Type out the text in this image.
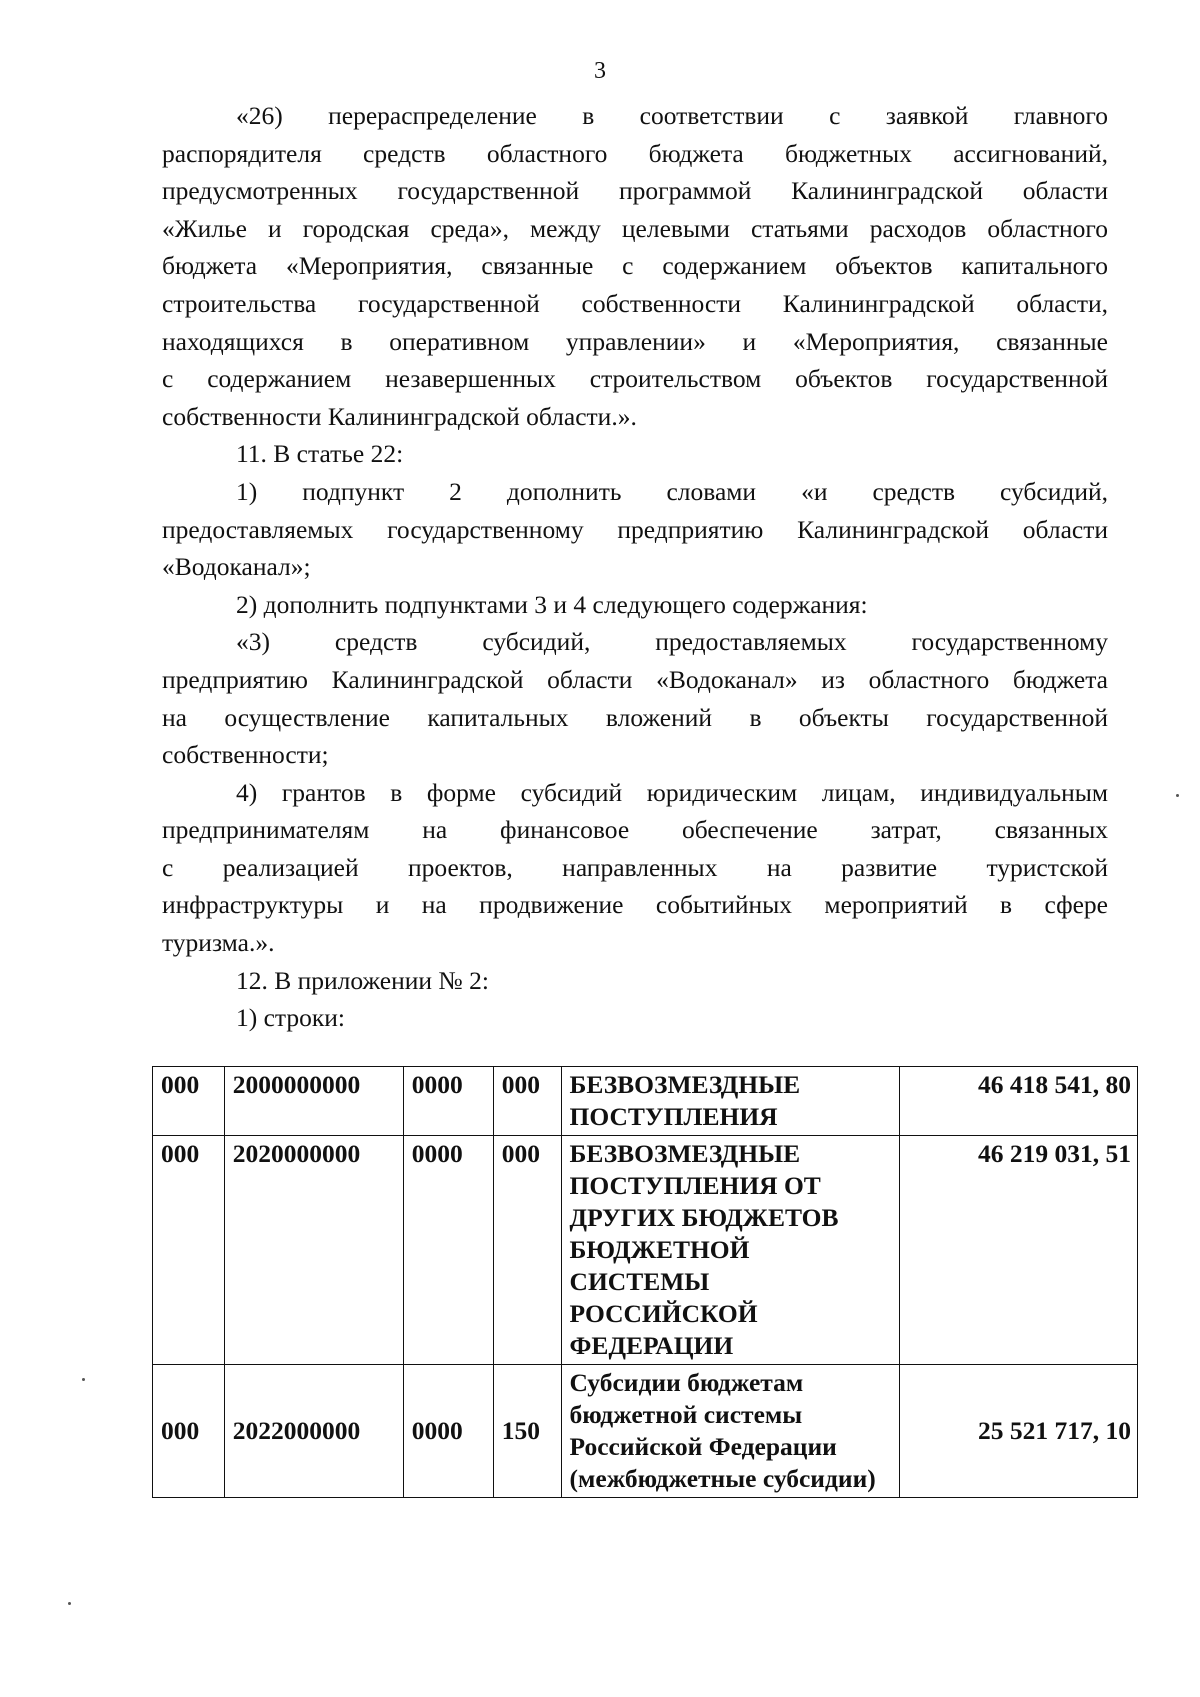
3

«26) перераспределение в соответствии с заявкой главного

распорядителя средств областного бюджета бюджетных ассигнований,
предусмотренных государственной программой Калининградской области
«Жилье и городская среда», между целевыми статьями расходов областного
бюджета «Мероприятия, связанные с содержанием объектов капитального
строительства государственной собственности Калининградской области,
находящихся в оперативном управлении» и «Мероприятия, связанные
с содержанием незавершенных строительством объектов государственной
собственности Калининградской области.».

11. В статье 22:

1) подпункт 2 дополнить словами «и средств субсидий,

предоставляемых государственному предприятию Калининградской области
«Водоканал»;

2) дополнить подпунктами 3 и 4 следующего содержания:

«3) средств субсидий, предоставляемых государственному

предприятию Калининградской области «Водоканал» из областного бюджета
на осуществление капитальных вложений в объекты государственной
собственности;

4) грантов в форме субсидий юридическим лицам, индивидуальным

предпринимателям на финансовое обеспечение затрат, связанных
с реализацией проектов, направленных на развитие туристской
инфраструктуры и на продвижение событийных мероприятий в сфере
туризма.».

12. В приложении № 2:

1) строки:

000	2000000000	0000	000	БЕЗВОЗМЕЗДНЫЕ ПОСТУПЛЕНИЯ	46 418 541, 80
000	2020000000	0000	000	БЕЗВОЗМЕЗДНЫЕ ПОСТУПЛЕНИЯ ОТ ДРУГИХ БЮДЖЕТОВ БЮДЖЕТНОЙ СИСТЕМЫ РОССИЙСКОЙ ФЕДЕРАЦИИ	46 219 031, 51
000	2022000000	0000	150	Субсидии бюджетам бюджетной системы Российской Федерации (межбюджетные субсидии)	25 521 717, 10
